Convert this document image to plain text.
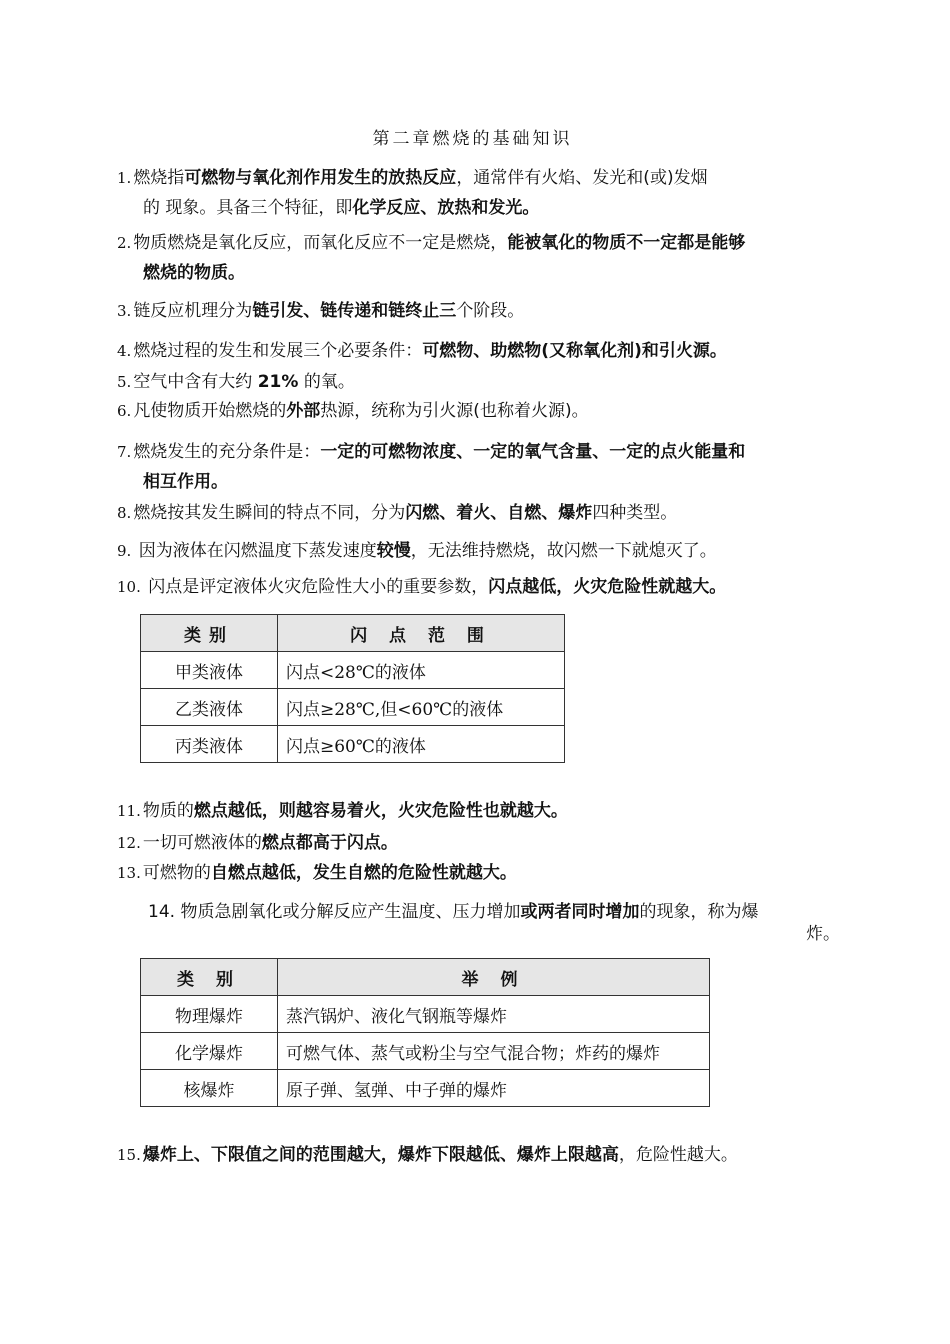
第二章燃烧的基础知识
1. 燃烧指可燃物与氧化剂作用发生的放热反应，通常伴有火焰、发光和(或)发烟
的 现象。具备三个特征，即化学反应、放热和发光。
2. 物质燃烧是氧化反应，而氧化反应不一定是燃烧，能被氧化的物质不一定都是能够
燃烧的物质。
3. 链反应机理分为链引发、链传递和链终止三个阶段。
4. 燃烧过程的发生和发展三个必要条件：可燃物、助燃物(又称氧化剂)和引火源。
5. 空气中含有大约 21% 的氧。
6. 凡使物质开始燃烧的外部热源，统称为引火源(也称着火源)。
7. 燃烧发生的充分条件是：一定的可燃物浓度、一定的氧气含量、一定的点火能量和
相互作用。
8. 燃烧按其发生瞬间的特点不同，分为闪燃、着火、自燃、爆炸四种类型。
9. 因为液体在闪燃温度下蒸发速度较慢，无法维持燃烧，故闪燃一下就熄灭了。
10. 闪点是评定液体火灾危险性大小的重要参数，闪点越低，火灾危险性就越大。
类别	闪 点 范 围
甲类液体	闪点<28℃的液体
乙类液体	闪点≥28℃,但<60℃的液体
丙类液体	闪点≥60℃的液体
11. 物质的燃点越低，则越容易着火，火灾危险性也就越大。
12. 一切可燃液体的燃点都高于闪点。
13. 可燃物的自燃点越低，发生自燃的危险性就越大。
14. 物质急剧氧化或分解反应产生温度、压力增加或两者同时增加的现象，称为爆
炸。
类 别	举 例
物理爆炸	蒸汽锅炉、液化气钢瓶等爆炸
化学爆炸	可燃气体、蒸气或粉尘与空气混合物；炸药的爆炸
核爆炸	原子弹、氢弹、中子弹的爆炸
15. 爆炸上、下限值之间的范围越大，爆炸下限越低、爆炸上限越高，危险性越大。
